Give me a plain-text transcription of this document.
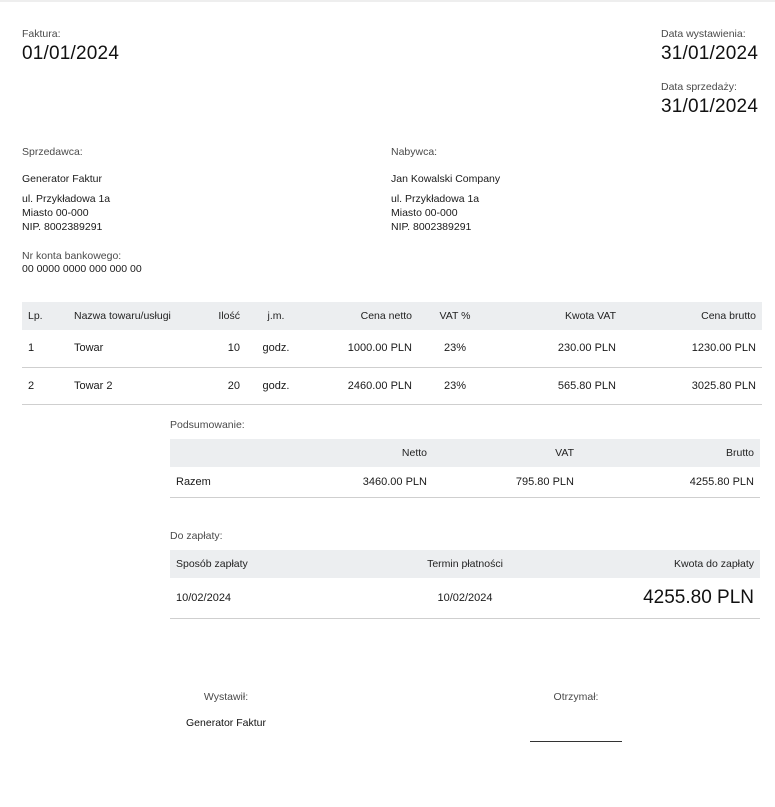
Faktura:
01/01/2024
Data wystawienia:
31/01/2024
Data sprzedaży:
31/01/2024
Sprzedawca:
Generator Faktur
ul. Przykładowa 1a
Miasto 00-000
NIP. 8002389291
Nabywca:
Jan Kowalski Company
ul. Przykładowa 1a
Miasto 00-000
NIP. 8002389291
Nr konta bankowego:
00 0000 0000 000 000 00
Lp.	Nazwa towaru/usługi	Ilość	j.m.	Cena netto	VAT %	Kwota VAT	Cena brutto
1	Towar	10	godz.	1000.00 PLN	23%	230.00 PLN	1230.00 PLN
2	Towar 2	20	godz.	2460.00 PLN	23%	565.80 PLN	3025.80 PLN
Podsumowanie:
	Netto	VAT	Brutto
Razem	3460.00 PLN	795.80 PLN	4255.80 PLN
Do zapłaty:
Sposób zapłaty	Termin płatności	Kwota do zapłaty
10/02/2024	10/02/2024	4255.80 PLN
Wystawił:
Generator Faktur
Otrzymał:
